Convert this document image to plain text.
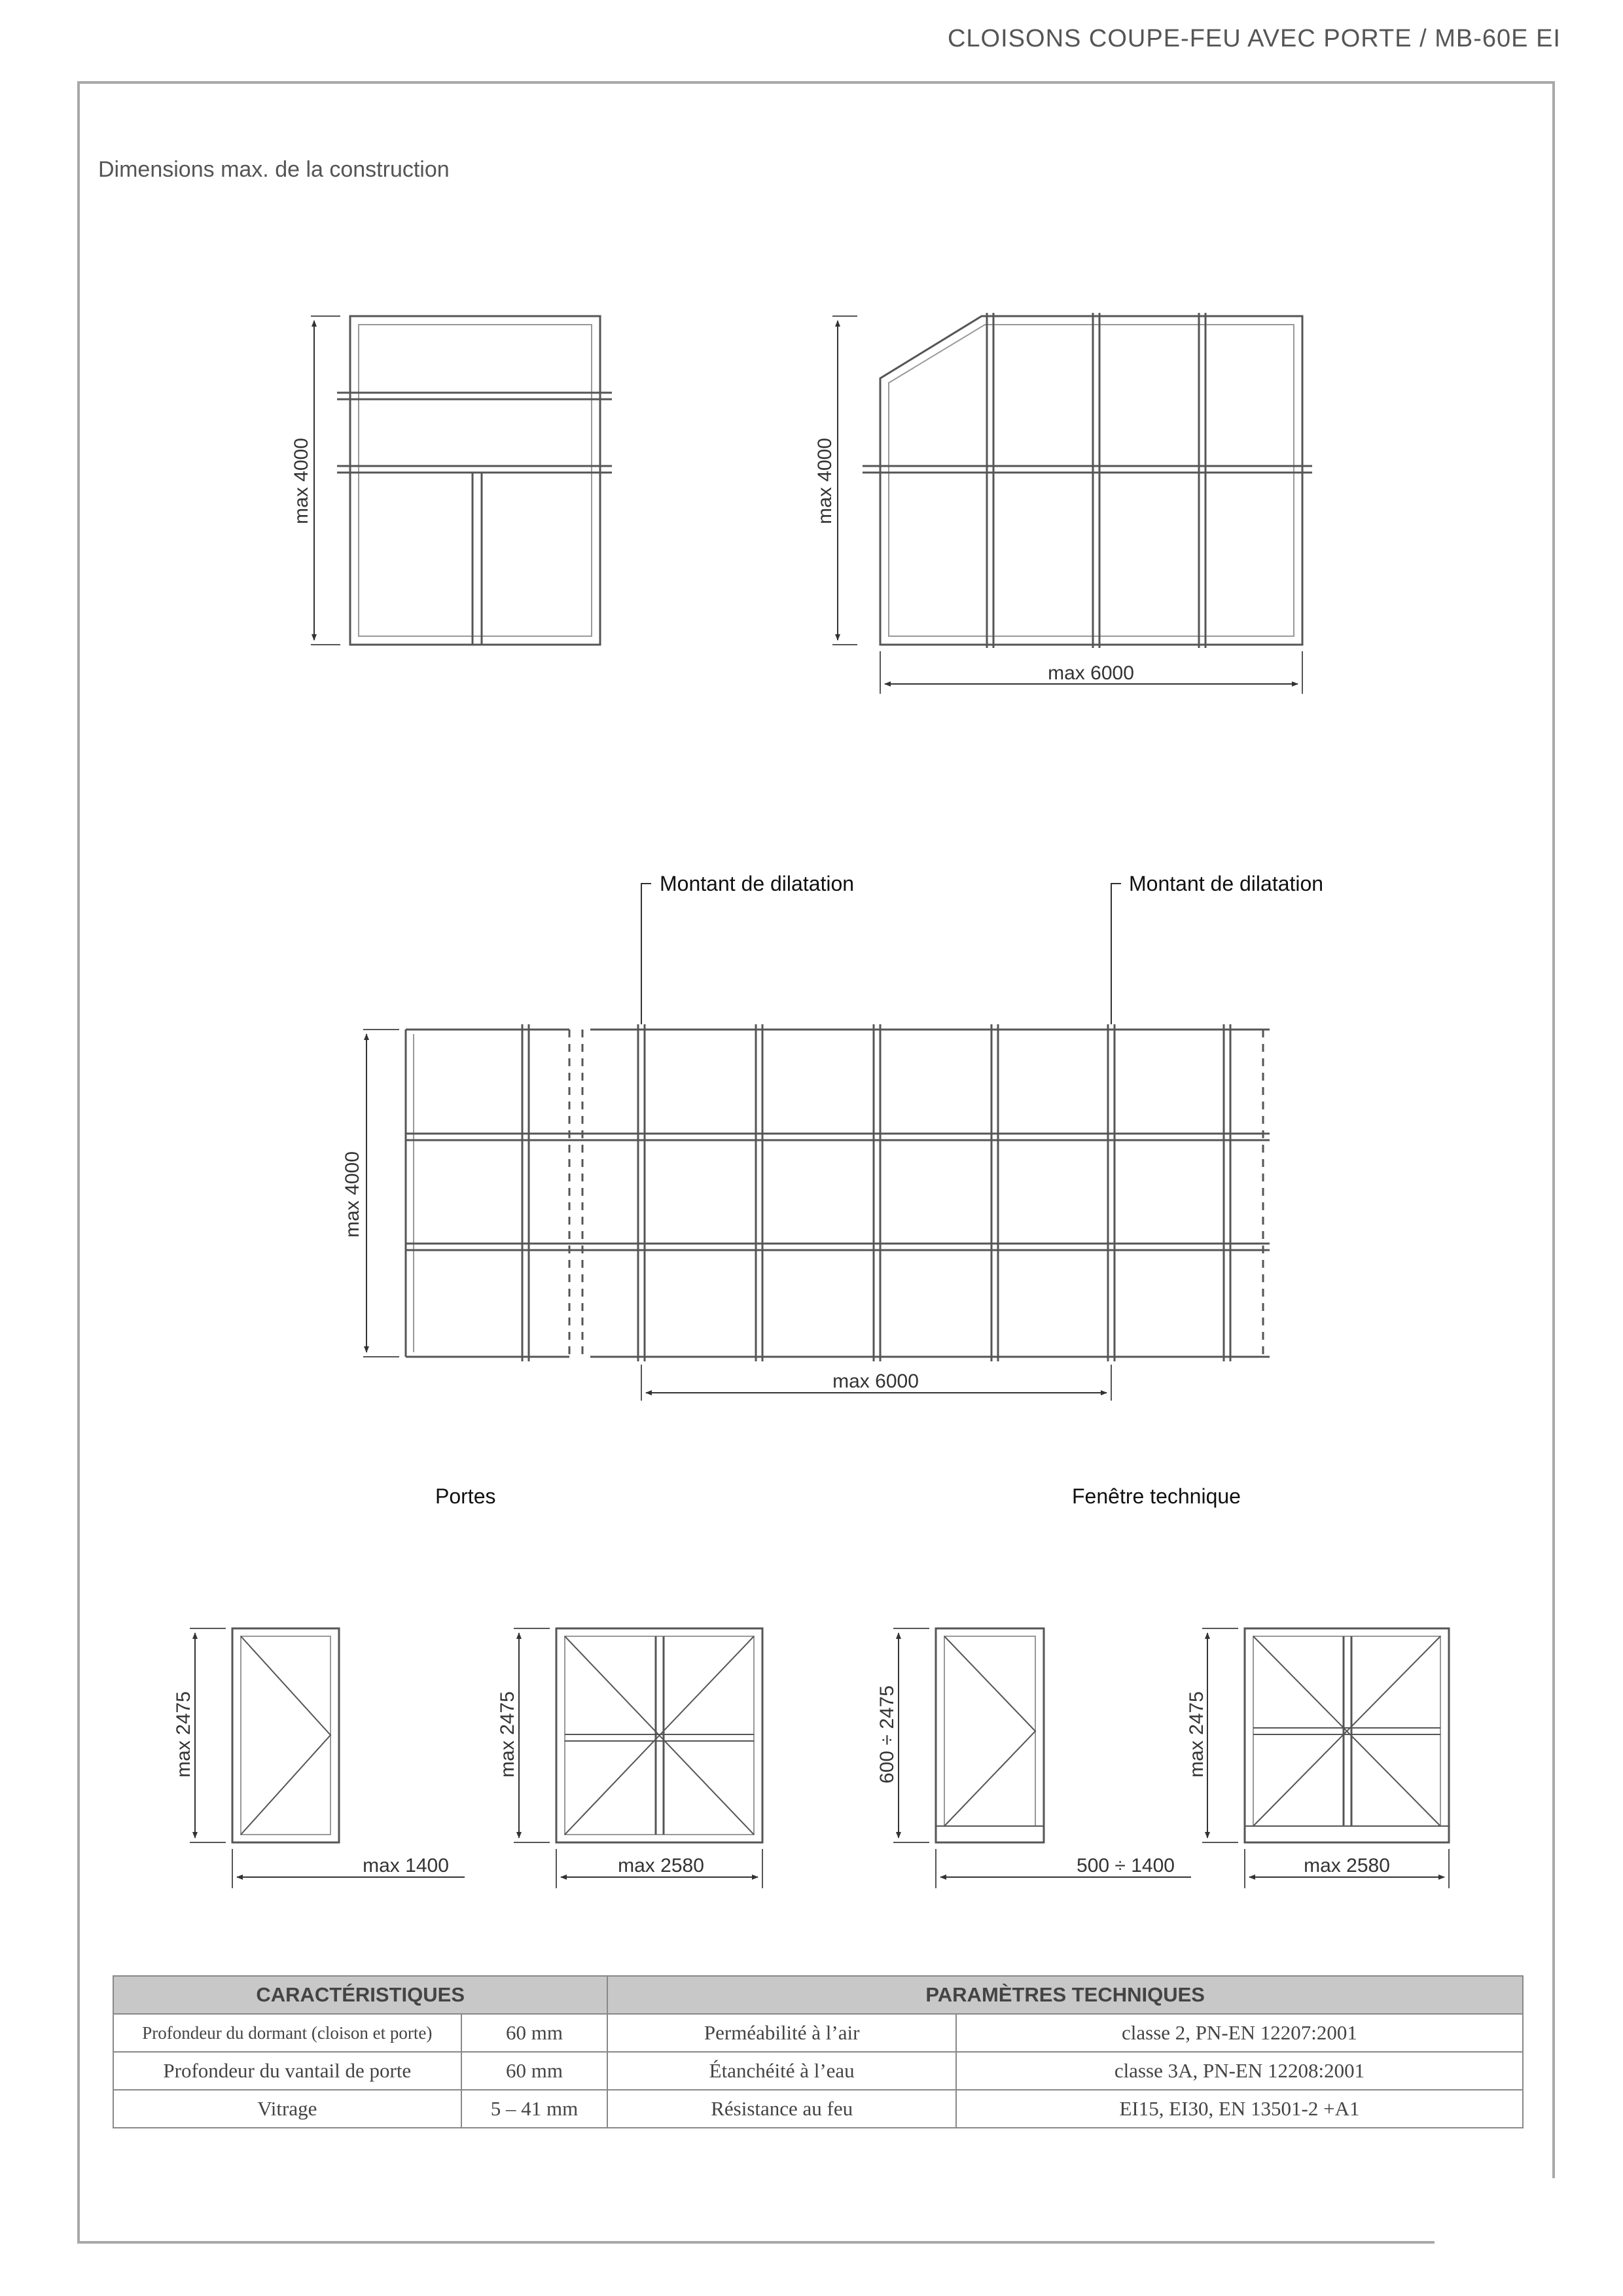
CLOISONS COUPE-FEU AVEC PORTE / MB-60E EI
Dimensions max. de la construction
max 4000	max 4000
max 6000
max 4000
max 6000
max 2475
max 1400
max 2475
max 2580
600 ÷ 2475
500 ÷ 1400
max 2475
max 2580
Montant de dilatation	Montant de dilatation
Portes	Fenêtre technique
CARACTÉRISTIQUES		PARAMÈTRES TECHNIQUES	
Profondeur du dormant (cloison et porte)	60 mm	Perméabilité à l’air	classe 2, PN-EN 12207:2001
Profondeur du vantail de porte	60 mm	Étanchéité à l’eau	classe 3A, PN-EN 12208:2001
Vitrage	5 – 41 mm	Résistance au feu	EI15, EI30, EN 13501-2 +A1
